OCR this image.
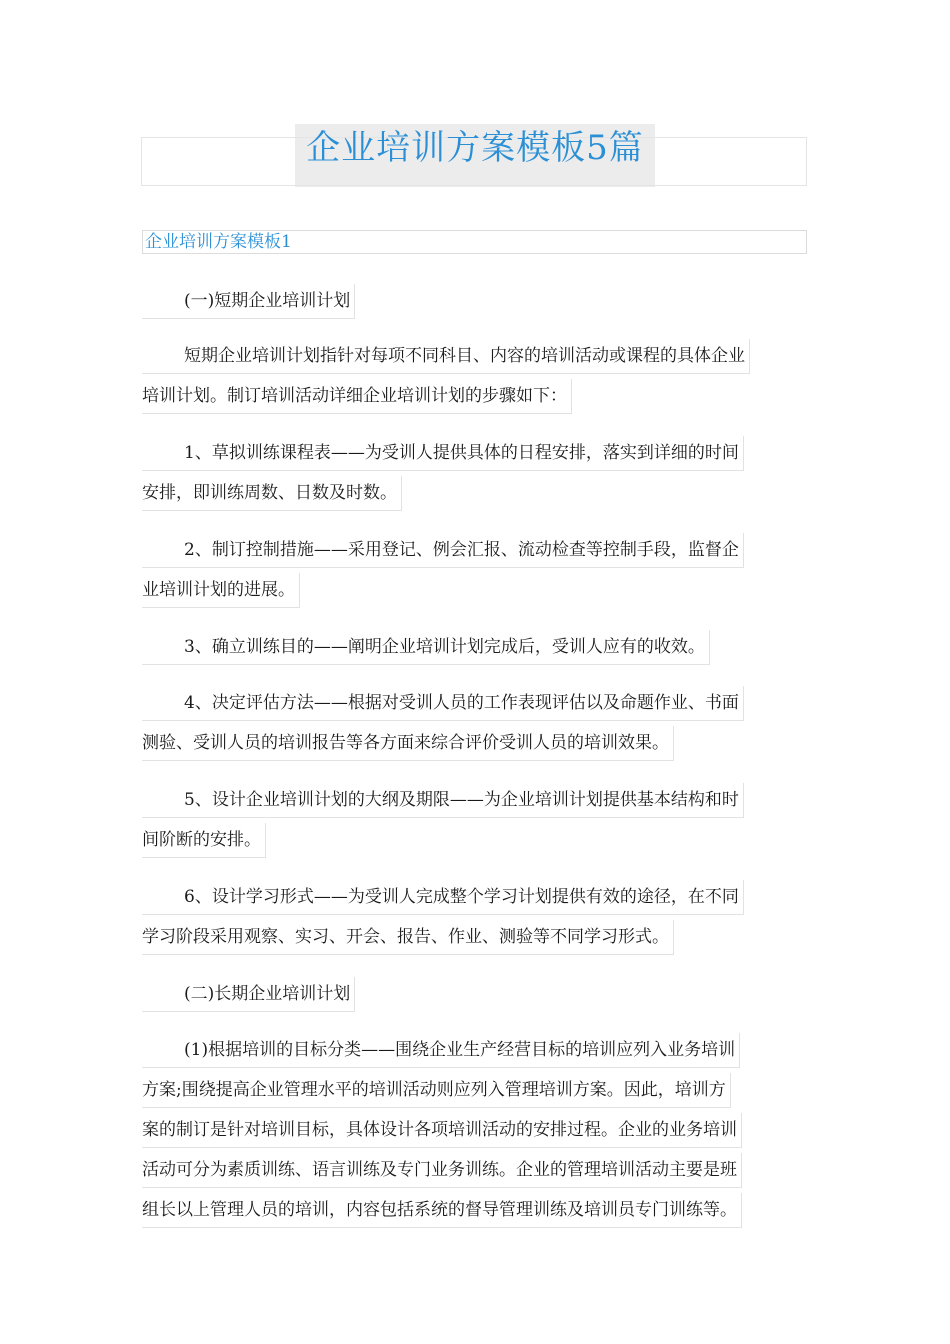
企业培训方案模板5篇
企业培训方案模板1
(一)短期企业培训计划
短期企业培训计划指针对每项不同科目、内容的培训活动或课程的具体企业
培训计划。制订培训活动详细企业培训计划的步骤如下：
1、草拟训练课程表——为受训人提供具体的日程安排，落实到详细的时间
安排，即训练周数、日数及时数。
2、制订控制措施——采用登记、例会汇报、流动检查等控制手段，监督企
业培训计划的进展。
3、确立训练目的——阐明企业培训计划完成后，受训人应有的收效。
4、决定评估方法——根据对受训人员的工作表现评估以及命题作业、书面
测验、受训人员的培训报告等各方面来综合评价受训人员的培训效果。
5、设计企业培训计划的大纲及期限——为企业培训计划提供基本结构和时
间阶断的安排。
6、设计学习形式——为受训人完成整个学习计划提供有效的途径，在不同
学习阶段采用观察、实习、开会、报告、作业、测验等不同学习形式。
(二)长期企业培训计划
(1)根据培训的目标分类——围绕企业生产经营目标的培训应列入业务培训
方案;围绕提高企业管理水平的培训活动则应列入管理培训方案。因此，培训方
案的制订是针对培训目标，具体设计各项培训活动的安排过程。企业的业务培训
活动可分为素质训练、语言训练及专门业务训练。企业的管理培训活动主要是班
组长以上管理人员的培训，内容包括系统的督导管理训练及培训员专门训练等。
